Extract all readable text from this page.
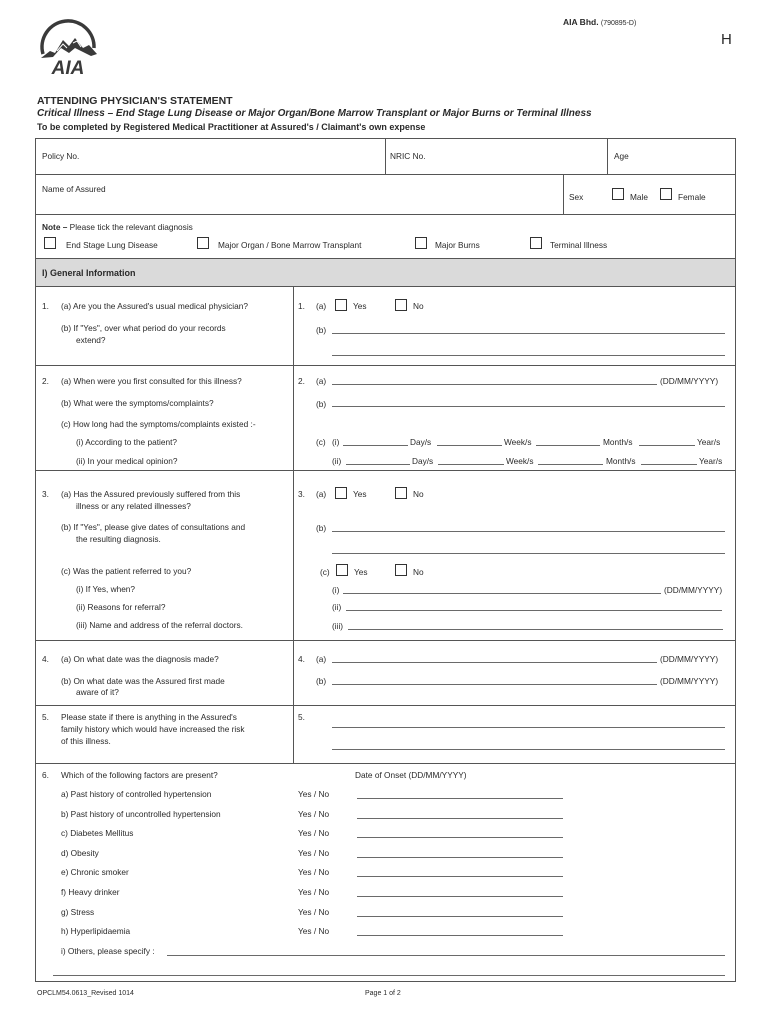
AIA
AIA Bhd. (790895-D)
H
ATTENDING PHYSICIAN'S STATEMENT
Critical Illness – End Stage Lung Disease or Major Organ/Bone Marrow Transplant or Major Burns or Terminal Illness
To be completed by Registered Medical Practitioner at Assured's / Claimant's own expense
Policy No.	NRIC No.	Age
Name of Assured
Sex	Male	Female
Note – Please tick the relevant diagnosis
End Stage Lung Disease	Major Organ / Bone Marrow Transplant	Major Burns	Terminal Illness
I) General Information
1. (a) Are you the Assured's usual medical physician?
(b) If "Yes", over what period do your records
extend?
1. (a)	Yes	No
(b)
2. (a) When were you first consulted for this illness?
(b) What were the symptoms/complaints?
(c) How long had the symptoms/complaints existed :-
(i) According to the patient?
(ii) In your medical opinion?
2. (a)	(DD/MM/YYYY)
(b)
(c) (i)	Day/s	Week/s	Month/s	Year/s
(ii)	Day/s	Week/s	Month/s	Year/s
3. (a) Has the Assured previously suffered from this
illness or any related illnesses?
(b) If "Yes", please give dates of consultations and
the resulting diagnosis.
(c) Was the patient referred to you?
(i) If Yes, when?
(ii) Reasons for referral?
(iii) Name and address of the referral doctors.
3. (a)	Yes	No
(b)
(c)	Yes	No
(i)	(DD/MM/YYYY)
(ii)
(iii)
4. (a) On what date was the diagnosis made?
(b) On what date was the Assured first made
aware of it?
4. (a)	(DD/MM/YYYY)
(b)	(DD/MM/YYYY)
5. Please state if there is anything in the Assured's
family history which would have increased the risk
of this illness.
5.
6. Which of the following factors are present?	Date of Onset (DD/MM/YYYY)
a) Past history of controlled hypertension	Yes / No
b) Past history of uncontrolled hypertension	Yes / No
c) Diabetes Mellitus	Yes / No
d) Obesity	Yes / No
e) Chronic smoker	Yes / No
f) Heavy drinker	Yes / No
g) Stress	Yes / No
h) Hyperlipidaemia	Yes / No
i) Others, please specify :
OPCLM54.0613_Revised 1014	Page 1 of 2
